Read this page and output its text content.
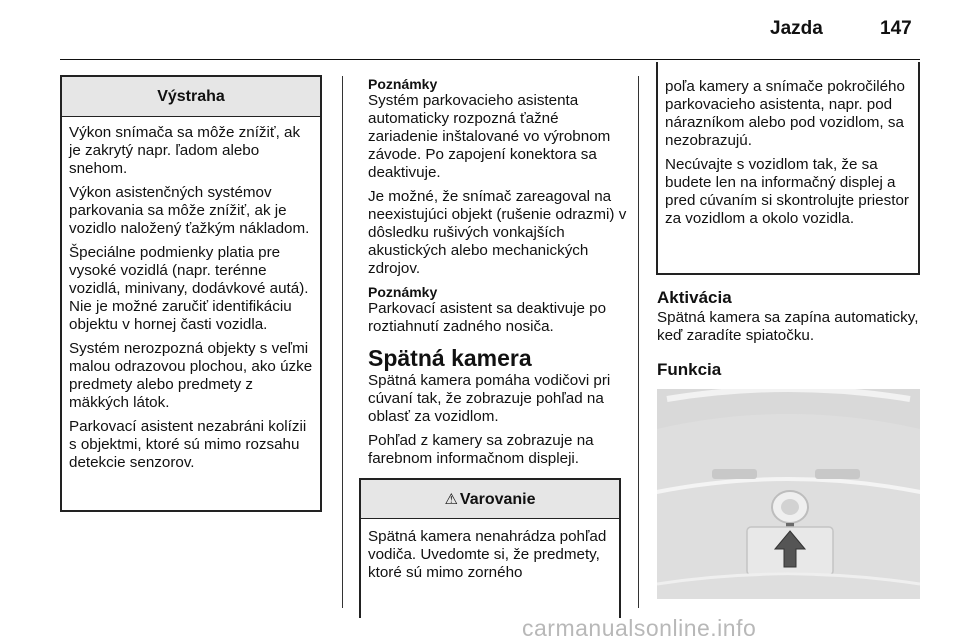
Jazda	147
Výstraha

Výkon snímača sa môže znížiť, ak je zakrytý napr. ľadom alebo snehom.

Výkon asistenčných systémov parkovania sa môže znížiť, ak je vozidlo naložený ťažkým nákladom.

Špeciálne podmienky platia pre vysoké vozidlá (napr. terénne vozidlá, minivany, dodávkové autá). Nie je možné zaručiť identifikáciu objektu v hornej časti vozidla.

Systém nerozpozná objekty s veľmi malou odrazovou plochou, ako úzke predmety alebo predmety z mäkkých látok.

Parkovací asistent nezabráni kolízii s objektmi, ktoré sú mimo rozsahu detekcie senzorov.

Poznámky

Systém parkovacieho asistenta automaticky rozpozná ťažné zariadenie inštalované vo výrobnom závode. Po zapojení konektora sa deaktivuje.

Je možné, že snímač zareagoval na neexistujúci objekt (rušenie odrazmi) v dôsledku rušivých vonkajších akustických alebo mechanických zdrojov.

Poznámky

Parkovací asistent sa deaktivuje po roztiahnutí zadného nosiča.

Spätná kamera

Spätná kamera pomáha vodičovi pri cúvaní tak, že zobrazuje pohľad na oblasť za vozidlom.

Pohľad z kamery sa zobrazuje na farebnom informačnom displeji.

⚠ Varovanie

Spätná kamera nenahrádza pohľad vodiča. Uvedomte si, že predmety, ktoré sú mimo zorného

poľa kamery a snímače pokročilého parkovacieho asistenta, napr. pod nárazníkom alebo pod vozidlom, sa nezobrazujú.

Necúvajte s vozidlom tak, že sa budete len na informačný displej a pred cúvaním si skontrolujte priestor za vozidlom a okolo vozidla.

Aktivácia

Spätná kamera sa zapína automaticky, keď zaradíte spiatočku.

Funkcia
carmanualsonline.info
